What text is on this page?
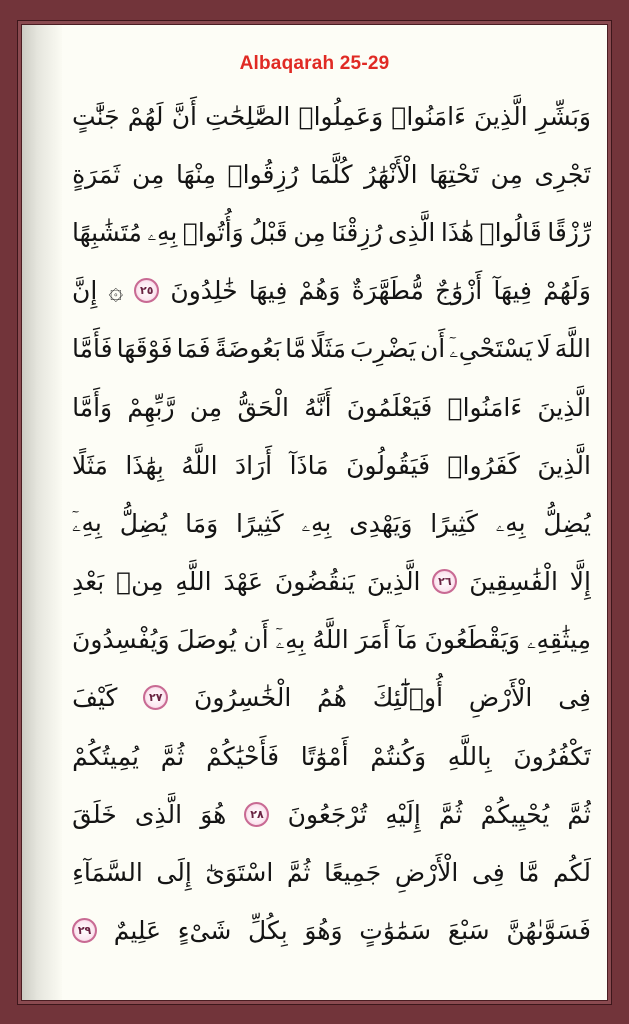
Albaqarah 25-29
وَبَشِّرِ
الَّذِينَ
ءَامَنُوا۟
وَعَمِلُوا۟
الصَّٰلِحَٰتِ
أَنَّ
لَهُمْ
جَنَّٰتٍ
تَجْرِى
مِن
تَحْتِهَا
الْأَنْهَٰرُ
كُلَّمَا
رُزِقُوا۟
مِنْهَا
مِن
ثَمَرَةٍ
رِّزْقًا
قَالُوا۟
هَٰذَا
الَّذِى
رُزِقْنَا
مِن
قَبْلُ
وَأُتُوا۟
بِهِۦ
مُتَشَٰبِهًا
وَلَهُمْ
فِيهَآ
أَزْوَٰجٌ
مُّطَهَّرَةٌ
وَهُمْ
فِيهَا
خَٰلِدُونَ
٢٥
۞
إِنَّ
اللَّهَ
لَا
يَسْتَحْىِۦٓ
أَن
يَضْرِبَ
مَثَلًا
مَّا
بَعُوضَةً
فَمَا
فَوْقَهَا
فَأَمَّا
الَّذِينَ
ءَامَنُوا۟
فَيَعْلَمُونَ
أَنَّهُ
الْحَقُّ
مِن
رَّبِّهِمْ
وَأَمَّا
الَّذِينَ
كَفَرُوا۟
فَيَقُولُونَ
مَاذَآ
أَرَادَ
اللَّهُ
بِهَٰذَا
مَثَلًا
يُضِلُّ
بِهِۦ
كَثِيرًا
وَيَهْدِى
بِهِۦ
كَثِيرًا
وَمَا
يُضِلُّ
بِهِۦٓ
إِلَّا
الْفَٰسِقِينَ
٢٦
الَّذِينَ
يَنقُضُونَ
عَهْدَ
اللَّهِ
مِنۢ
بَعْدِ
مِيثَٰقِهِۦ
وَيَقْطَعُونَ
مَآ
أَمَرَ
اللَّهُ
بِهِۦٓ
أَن
يُوصَلَ
وَيُفْسِدُونَ
فِى
الْأَرْضِ
أُو۟لَٰٓئِكَ
هُمُ
الْخَٰسِرُونَ
٢٧
كَيْفَ
تَكْفُرُونَ
بِاللَّهِ
وَكُنتُمْ
أَمْوَٰتًا
فَأَحْيَٰكُمْ
ثُمَّ
يُمِيتُكُمْ
ثُمَّ
يُحْيِيكُمْ
ثُمَّ
إِلَيْهِ
تُرْجَعُونَ
٢٨
هُوَ
الَّذِى
خَلَقَ
لَكُم
مَّا
فِى
الْأَرْضِ
جَمِيعًا
ثُمَّ
اسْتَوَىٰٓ
إِلَى
السَّمَآءِ
فَسَوَّىٰهُنَّ
سَبْعَ
سَمَٰوَٰتٍ
وَهُوَ
بِكُلِّ
شَىْءٍ
عَلِيمٌ
٢٩
